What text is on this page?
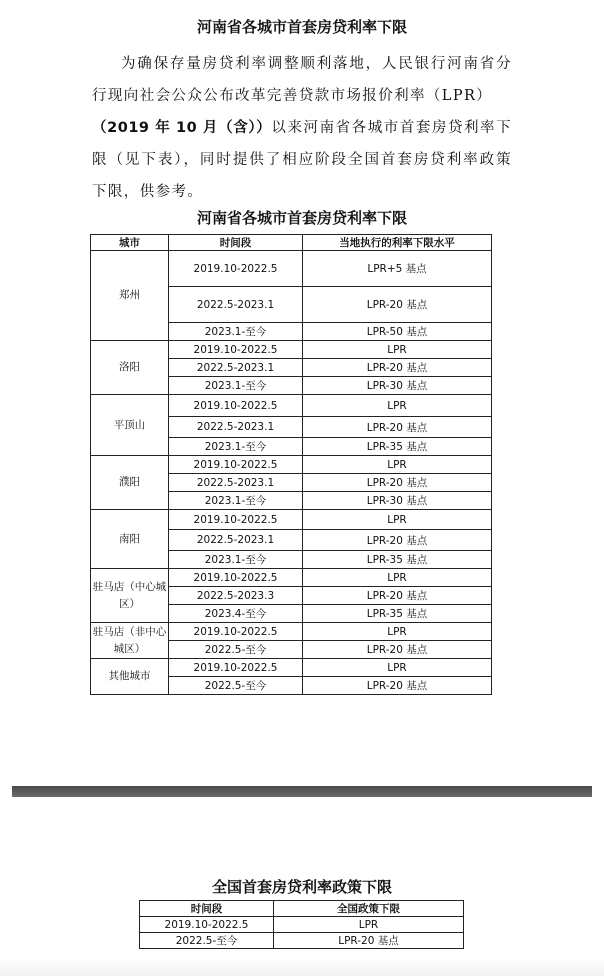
河南省各城市首套房贷利率下限
为确保存量房贷利率调整顺利落地，人民银行河南省分行现向社会公众公布改革完善贷款市场报价利率（LPR）
（2019 年 10 月（含））以来河南省各城市首套房贷利率下限（见下表），同时提供了相应阶段全国首套房贷利率政策下限，供参考。
河南省各城市首套房贷利率下限
城市	时间段	当地执行的利率下限水平
郑州	2019.10-2022.5	LPR+5 基点
	2022.5-2023.1	LPR-20 基点
	2023.1-至今	LPR-50 基点
洛阳	2019.10-2022.5	LPR
	2022.5-2023.1	LPR-20 基点
	2023.1-至今	LPR-30 基点
平顶山	2019.10-2022.5	LPR
	2022.5-2023.1	LPR-20 基点
	2023.1-至今	LPR-35 基点
濮阳	2019.10-2022.5	LPR
	2022.5-2023.1	LPR-20 基点
	2023.1-至今	LPR-30 基点
南阳	2019.10-2022.5	LPR
	2022.5-2023.1	LPR-20 基点
	2023.1-至今	LPR-35 基点
驻马店（中心城区）	2019.10-2022.5	LPR
	2022.5-2023.3	LPR-20 基点
	2023.4-至今	LPR-35 基点
驻马店（非中心城区）	2019.10-2022.5	LPR
	2022.5-至今	LPR-20 基点
其他城市	2019.10-2022.5	LPR
	2022.5-至今	LPR-20 基点
全国首套房贷利率政策下限
时间段	全国政策下限
2019.10-2022.5	LPR
2022.5-至今	LPR-20 基点
